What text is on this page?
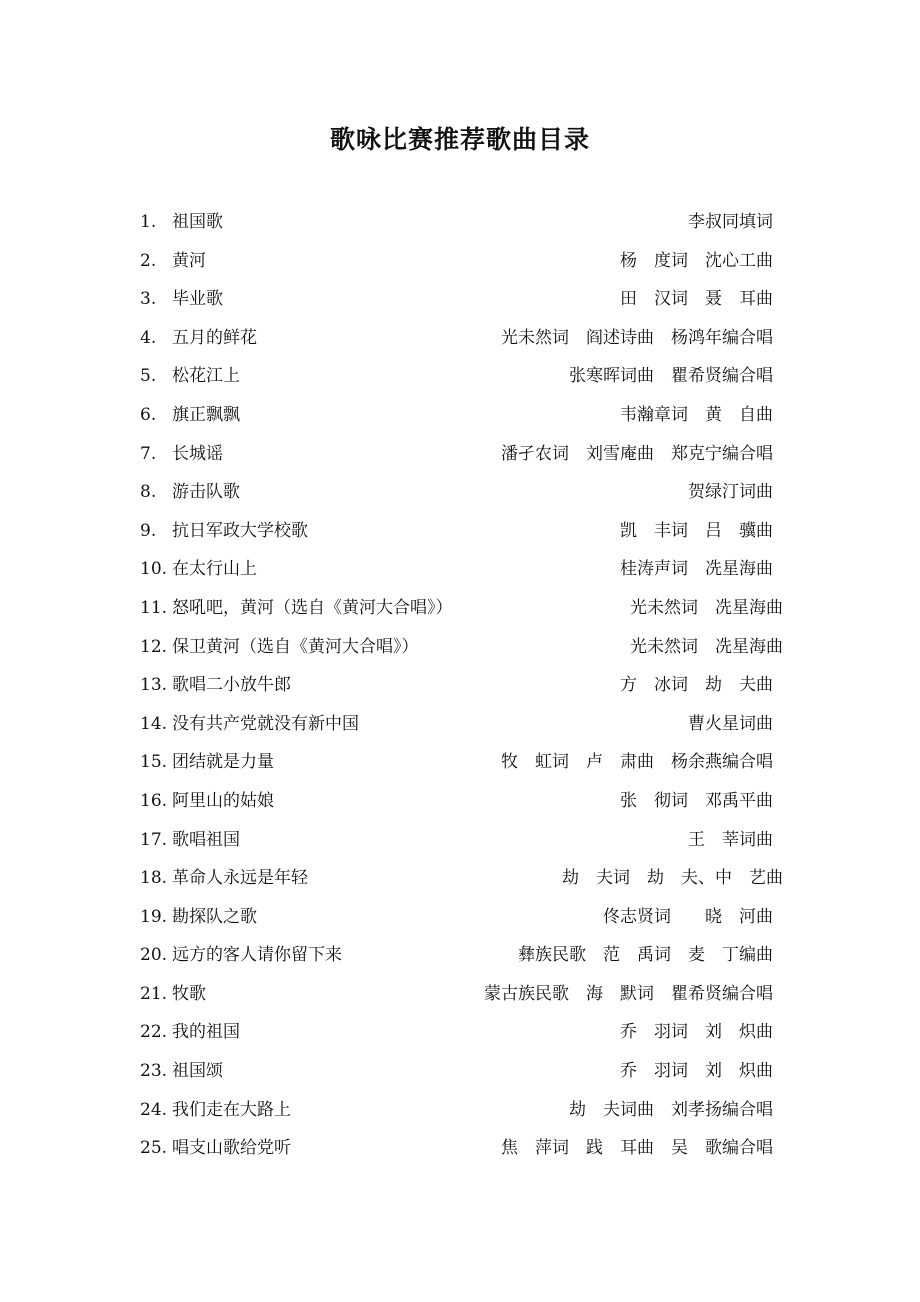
歌咏比赛推荐歌曲目录
1. 祖国歌	李叔同填词
2. 黄河	杨　度词　沈心工曲
3. 毕业歌	田　汉词　聂　耳曲
4. 五月的鲜花	光未然词　阎述诗曲　杨鸿年编合唱
5. 松花江上	张寒晖词曲　瞿希贤编合唱
6. 旗正飘飘	韦瀚章词　黄　自曲
7. 长城谣	潘孑农词　刘雪庵曲　郑克宁编合唱
8. 游击队歌	贺绿汀词曲
9. 抗日军政大学校歌	凯　丰词　吕　骥曲
10. 在太行山上	桂涛声词　冼星海曲
11. 怒吼吧，黄河（选自《黄河大合唱》）	光未然词　冼星海曲
12. 保卫黄河（选自《黄河大合唱》）	光未然词　冼星海曲
13. 歌唱二小放牛郎	方　冰词　劫　夫曲
14. 没有共产党就没有新中国	曹火星词曲
15. 团结就是力量	牧　虹词　卢　肃曲　杨余燕编合唱
16. 阿里山的姑娘	张　彻词　邓禹平曲
17. 歌唱祖国	王　莘词曲
18. 革命人永远是年轻	劫　夫词　劫　夫、中　艺曲
19. 勘探队之歌	佟志贤词　　晓　河曲
20. 远方的客人请你留下来	彝族民歌　范　禹词　麦　丁编曲
21. 牧歌	蒙古族民歌　海　默词　瞿希贤编合唱
22. 我的祖国	乔　羽词　刘　炽曲
23. 祖国颂	乔　羽词　刘　炽曲
24. 我们走在大路上	劫　夫词曲　刘孝扬编合唱
25. 唱支山歌给党听	焦　萍词　践　耳曲　吴　歌编合唱
